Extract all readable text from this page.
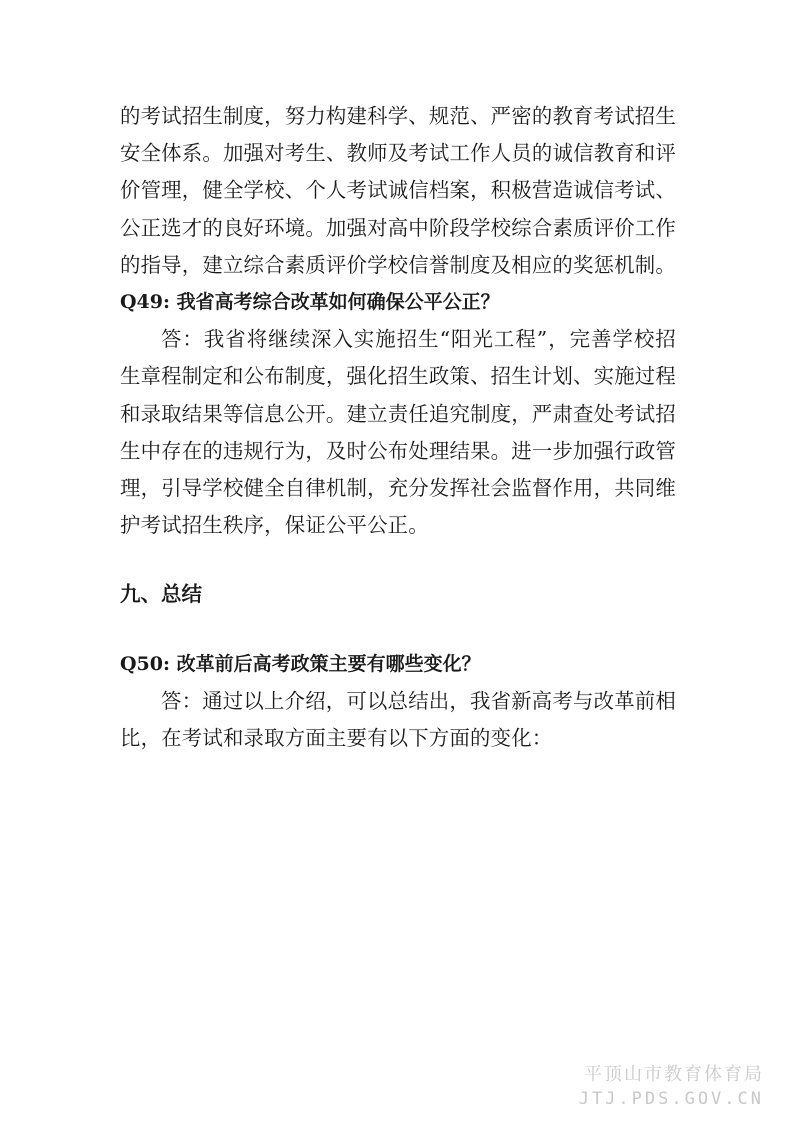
的考试招生制度，努力构建科学、规范、严密的教育考试招生安全体系。加强对考生、教师及考试工作人员的诚信教育和评价管理，健全学校、个人考试诚信档案，积极营造诚信考试、公正选才的良好环境。加强对高中阶段学校综合素质评价工作的指导，建立综合素质评价学校信誉制度及相应的奖惩机制。

Q49: 我省高考综合改革如何确保公平公正？

答：我省将继续深入实施招生“阳光工程”，完善学校招生章程制定和公布制度，强化招生政策、招生计划、实施过程和录取结果等信息公开。建立责任追究制度，严肃查处考试招生中存在的违规行为，及时公布处理结果。进一步加强行政管理，引导学校健全自律机制，充分发挥社会监督作用，共同维护考试招生秩序，保证公平公正。

九、总结

Q50: 改革前后高考政策主要有哪些变化？

答：通过以上介绍，可以总结出，我省新高考与改革前相比，在考试和录取方面主要有以下方面的变化：

平顶山市教育体育局
JTJ.PDS.GOV.CN
